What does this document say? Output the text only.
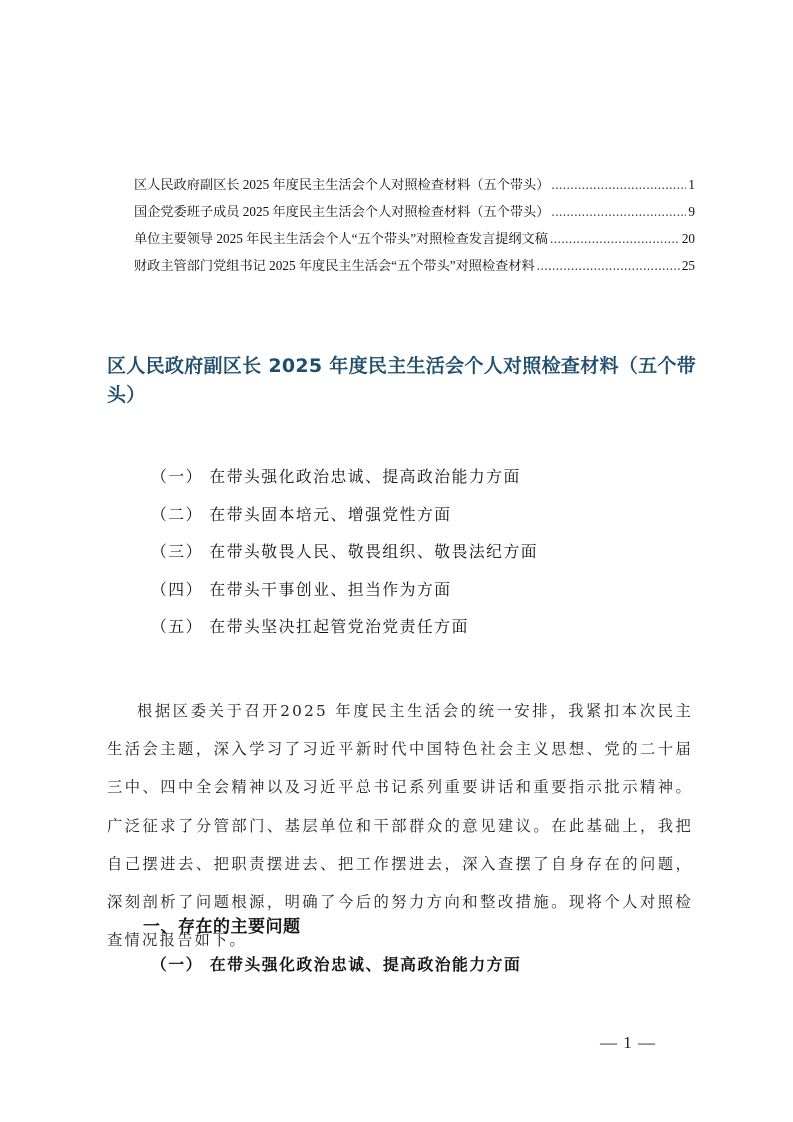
区人民政府副区长 2025 年度民主生活会个人对照检查材料（五个带头） .....	1
国企党委班子成员 2025 年度民主生活会个人对照检查材料（五个带头） .....	9
单位主要领导 2025 年民主生活会个人“五个带头”对照检查发言提纲文稿 .....	20
财政主管部门党组书记 2025 年度民主生活会“五个带头”对照检查材料 .....	25
区人民政府副区长 2025 年度民主生活会个人对照检查材料（五个带头）
（一） 在带头强化政治忠诚、提高政治能力方面
（二） 在带头固本培元、增强党性方面
（三） 在带头敬畏人民、敬畏组织、敬畏法纪方面
（四） 在带头干事创业、担当作为方面
（五） 在带头坚决扛起管党治党责任方面

根据区委关于召开2025 年度民主生活会的统一安排，我紧扣本次民主生活会主题，深入学习了习近平新时代中国特色社会主义思想、党的二十届三中、四中全会精神以及习近平总书记系列重要讲话和重要指示批示精神。广泛征求了分管部门、基层单位和干部群众的意见建议。在此基础上，我把自己摆进去、把职责摆进去、把工作摆进去，深入查摆了自身存在的问题，深刻剖析了问题根源，明确了今后的努力方向和整改措施。现将个人对照检查情况报告如下。

一、存在的主要问题
（一） 在带头强化政治忠诚、提高政治能力方面
— 1 —
